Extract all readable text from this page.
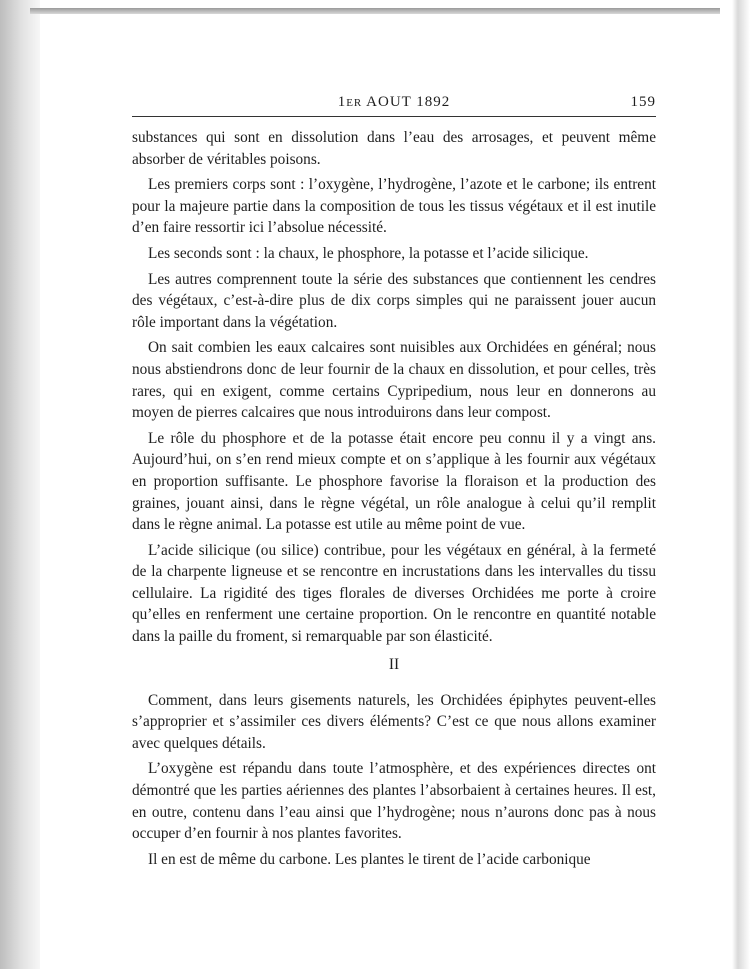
1er AOUT 1892	159

substances qui sont en dissolution dans l’eau des arrosages, et peuvent même absorber de véritables poisons.

Les premiers corps sont : l’oxygène, l’hydrogène, l’azote et le carbone; ils entrent pour la majeure partie dans la composition de tous les tissus végétaux et il est inutile d’en faire ressortir ici l’absolue nécessité.

Les seconds sont : la chaux, le phosphore, la potasse et l’acide silicique.

Les autres comprennent toute la série des substances que contiennent les cendres des végétaux, c’est-à-dire plus de dix corps simples qui ne paraissent jouer aucun rôle important dans la végétation.

On sait combien les eaux calcaires sont nuisibles aux Orchidées en général; nous nous abstiendrons donc de leur fournir de la chaux en dissolution, et pour celles, très rares, qui en exigent, comme certains Cypripedium, nous leur en donnerons au moyen de pierres calcaires que nous introduirons dans leur compost.

Le rôle du phosphore et de la potasse était encore peu connu il y a vingt ans. Aujourd’hui, on s’en rend mieux compte et on s’applique à les fournir aux végétaux en proportion suffisante. Le phosphore favorise la floraison et la production des graines, jouant ainsi, dans le règne végétal, un rôle analogue à celui qu’il remplit dans le règne animal. La potasse est utile au même point de vue.

L’acide silicique (ou silice) contribue, pour les végétaux en général, à la fermeté de la charpente ligneuse et se rencontre en incrustations dans les intervalles du tissu cellulaire. La rigidité des tiges florales de diverses Orchidées me porte à croire qu’elles en renferment une certaine proportion. On le rencontre en quantité notable dans la paille du froment, si remarquable par son élasticité.

II

Comment, dans leurs gisements naturels, les Orchidées épiphytes peuvent-elles s’approprier et s’assimiler ces divers éléments? C’est ce que nous allons examiner avec quelques détails.

L’oxygène est répandu dans toute l’atmosphère, et des expériences directes ont démontré que les parties aériennes des plantes l’absorbaient à certaines heures. Il est, en outre, contenu dans l’eau ainsi que l’hydrogène; nous n’aurons donc pas à nous occuper d’en fournir à nos plantes favorites.

Il en est de même du carbone. Les plantes le tirent de l’acide carbonique
